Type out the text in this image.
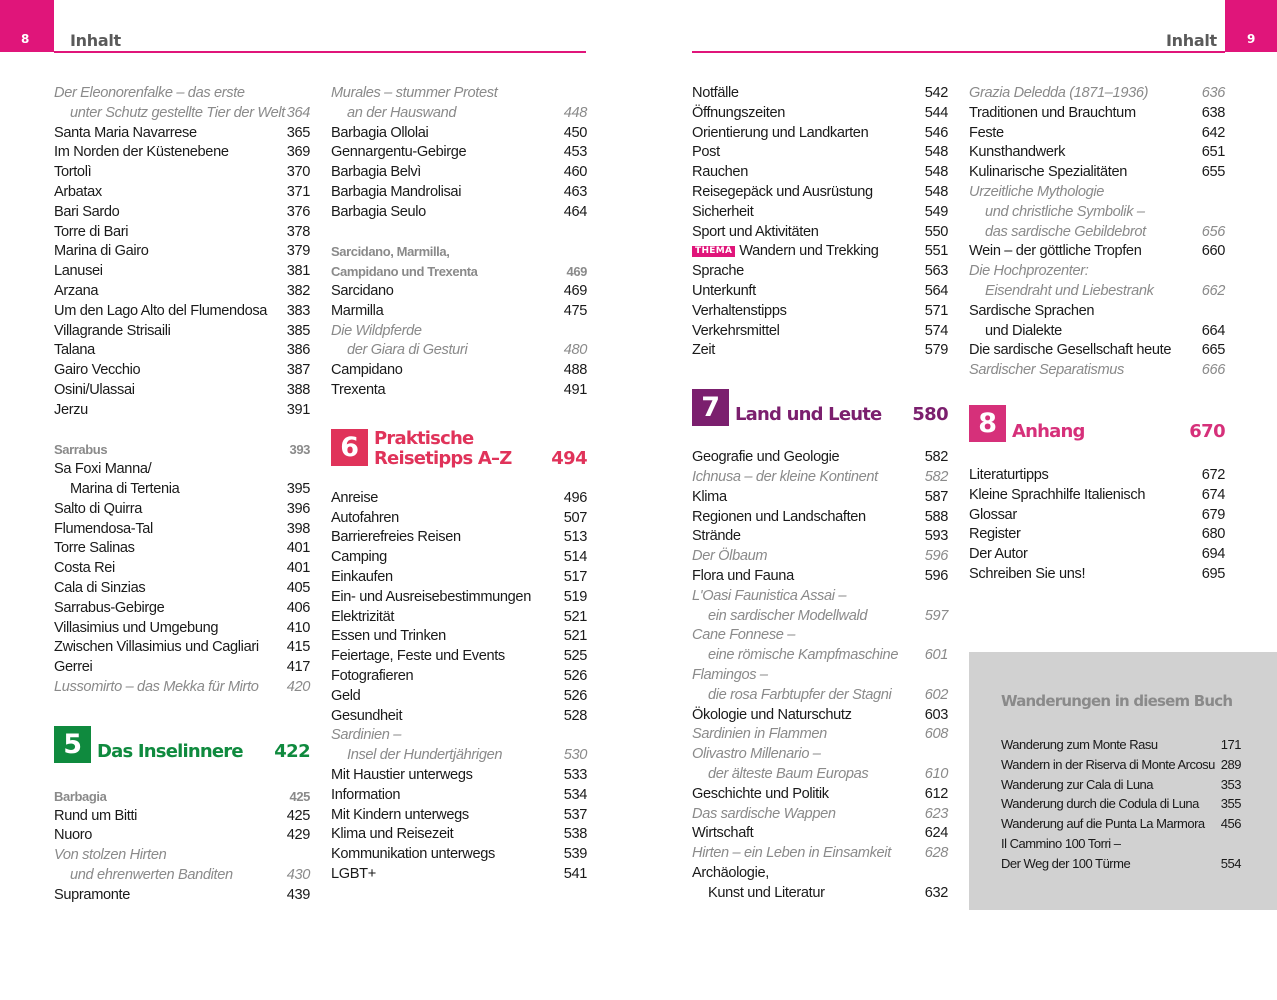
8	9
Inhalt	Inhalt
Der Eleonorenfalke – das erste
unter Schutz gestellte Tier der Welt 364
Santa Maria Navarrese	365
Im Norden der Küstenebene	369
Tortolì	370
Arbatax	371
Bari Sardo	376
Torre di Bari	378
Marina di Gairo	379
Lanusei	381
Arzana	382
Um den Lago Alto del Flumendosa 383
Villagrande Strisaili	385
Talana	386
Gairo Vecchio	387
Osini/Ulassai	388
Jerzu	391
Sarrabus	393
Sa Foxi Manna/
Marina di Tertenia	395
Salto di Quirra	396
Flumendosa-Tal	398
Torre Salinas	401
Costa Rei	401
Cala di Sinzias	405
Sarrabus-Gebirge	406
Villasimius und Umgebung	410
Zwischen Villasimius und Cagliari 415
Gerrei	417
Lussomirto – das Mekka für Mirto 420
5 Das Inselinnere 422
Barbagia	425
Rund um Bitti	425
Nuoro	429
Von stolzen Hirten
und ehrenwerten Banditen	430
Supramonte	439
Murales – stummer Protest
an der Hauswand	448
Barbagia Ollolai	450
Gennargentu-Gebirge	453
Barbagia Belvì	460
Barbagia Mandrolisai	463
Barbagia Seulo	464
Sarcidano, Marmilla,
Campidano und Trexenta	469
Sarcidano	469
Marmilla	475
Die Wildpferde
der Giara di Gesturi	480
Campidano	488
Trexenta	491
6 Praktische
Reisetipps A–Z 494
Anreise	496
Autofahren	507
Barrierefreies Reisen	513
Camping	514
Einkaufen	517
Ein- und Ausreisebestimmungen 519
Elektrizität	521
Essen und Trinken	521
Feiertage, Feste und Events	525
Fotografieren	526
Geld	526
Gesundheit	528
Sardinien –
Insel der Hundertjährigen	530
Mit Haustier unterwegs	533
Information	534
Mit Kindern unterwegs	537
Klima und Reisezeit	538
Kommunikation unterwegs	539
LGBT+	541
Notfälle	542
Öffnungszeiten	544
Orientierung und Landkarten	546
Post	548
Rauchen	548
Reisegepäck und Ausrüstung	548
Sicherheit	549
Sport und Aktivitäten	550
THEMA Wandern und Trekking	551
Sprache	563
Unterkunft	564
Verhaltenstipps	571
Verkehrsmittel	574
Zeit	579
7 Land und Leute 580
Geografie und Geologie	582
Ichnusa – der kleine Kontinent	582
Klima	587
Regionen und Landschaften	588
Strände	593
Der Ölbaum	596
Flora und Fauna	596
L'Oasi Faunistica Assai –
ein sardischer Modellwald	597
Cane Fonnese –
eine römische Kampfmaschine 601
Flamingos –
die rosa Farbtupfer der Stagni 602
Ökologie und Naturschutz	603
Sardinien in Flammen	608
Olivastro Millenario –
der älteste Baum Europas	610
Geschichte und Politik	612
Das sardische Wappen	623
Wirtschaft	624
Hirten – ein Leben in Einsamkeit 628
Archäologie,
Kunst und Literatur	632
Grazia Deledda (1871–1936)	636
Traditionen und Brauchtum	638
Feste	642
Kunsthandwerk	651
Kulinarische Spezialitäten	655
Urzeitliche Mythologie
und christliche Symbolik –
das sardische Gebildebrot	656
Wein – der göttliche Tropfen	660
Die Hochprozenter:
Eisendraht und Liebestrank	662
Sardische Sprachen
und Dialekte	664
Die sardische Gesellschaft heute 665
Sardischer Separatismus	666
8 Anhang	670
Literaturtipps	672
Kleine Sprachhilfe Italienisch	674
Glossar	679
Register	680
Der Autor	694
Schreiben Sie uns!	695
Wanderungen in diesem Buch
Wanderung zum Monte Rasu	171
Wandern in der Riserva di Monte Arcosu 289
Wanderung zur Cala di Luna	353
Wanderung durch die Codula di Luna 355
Wanderung auf die Punta La Marmora 456
Il Cammino 100 Torri –
Der Weg der 100 Türme	554
